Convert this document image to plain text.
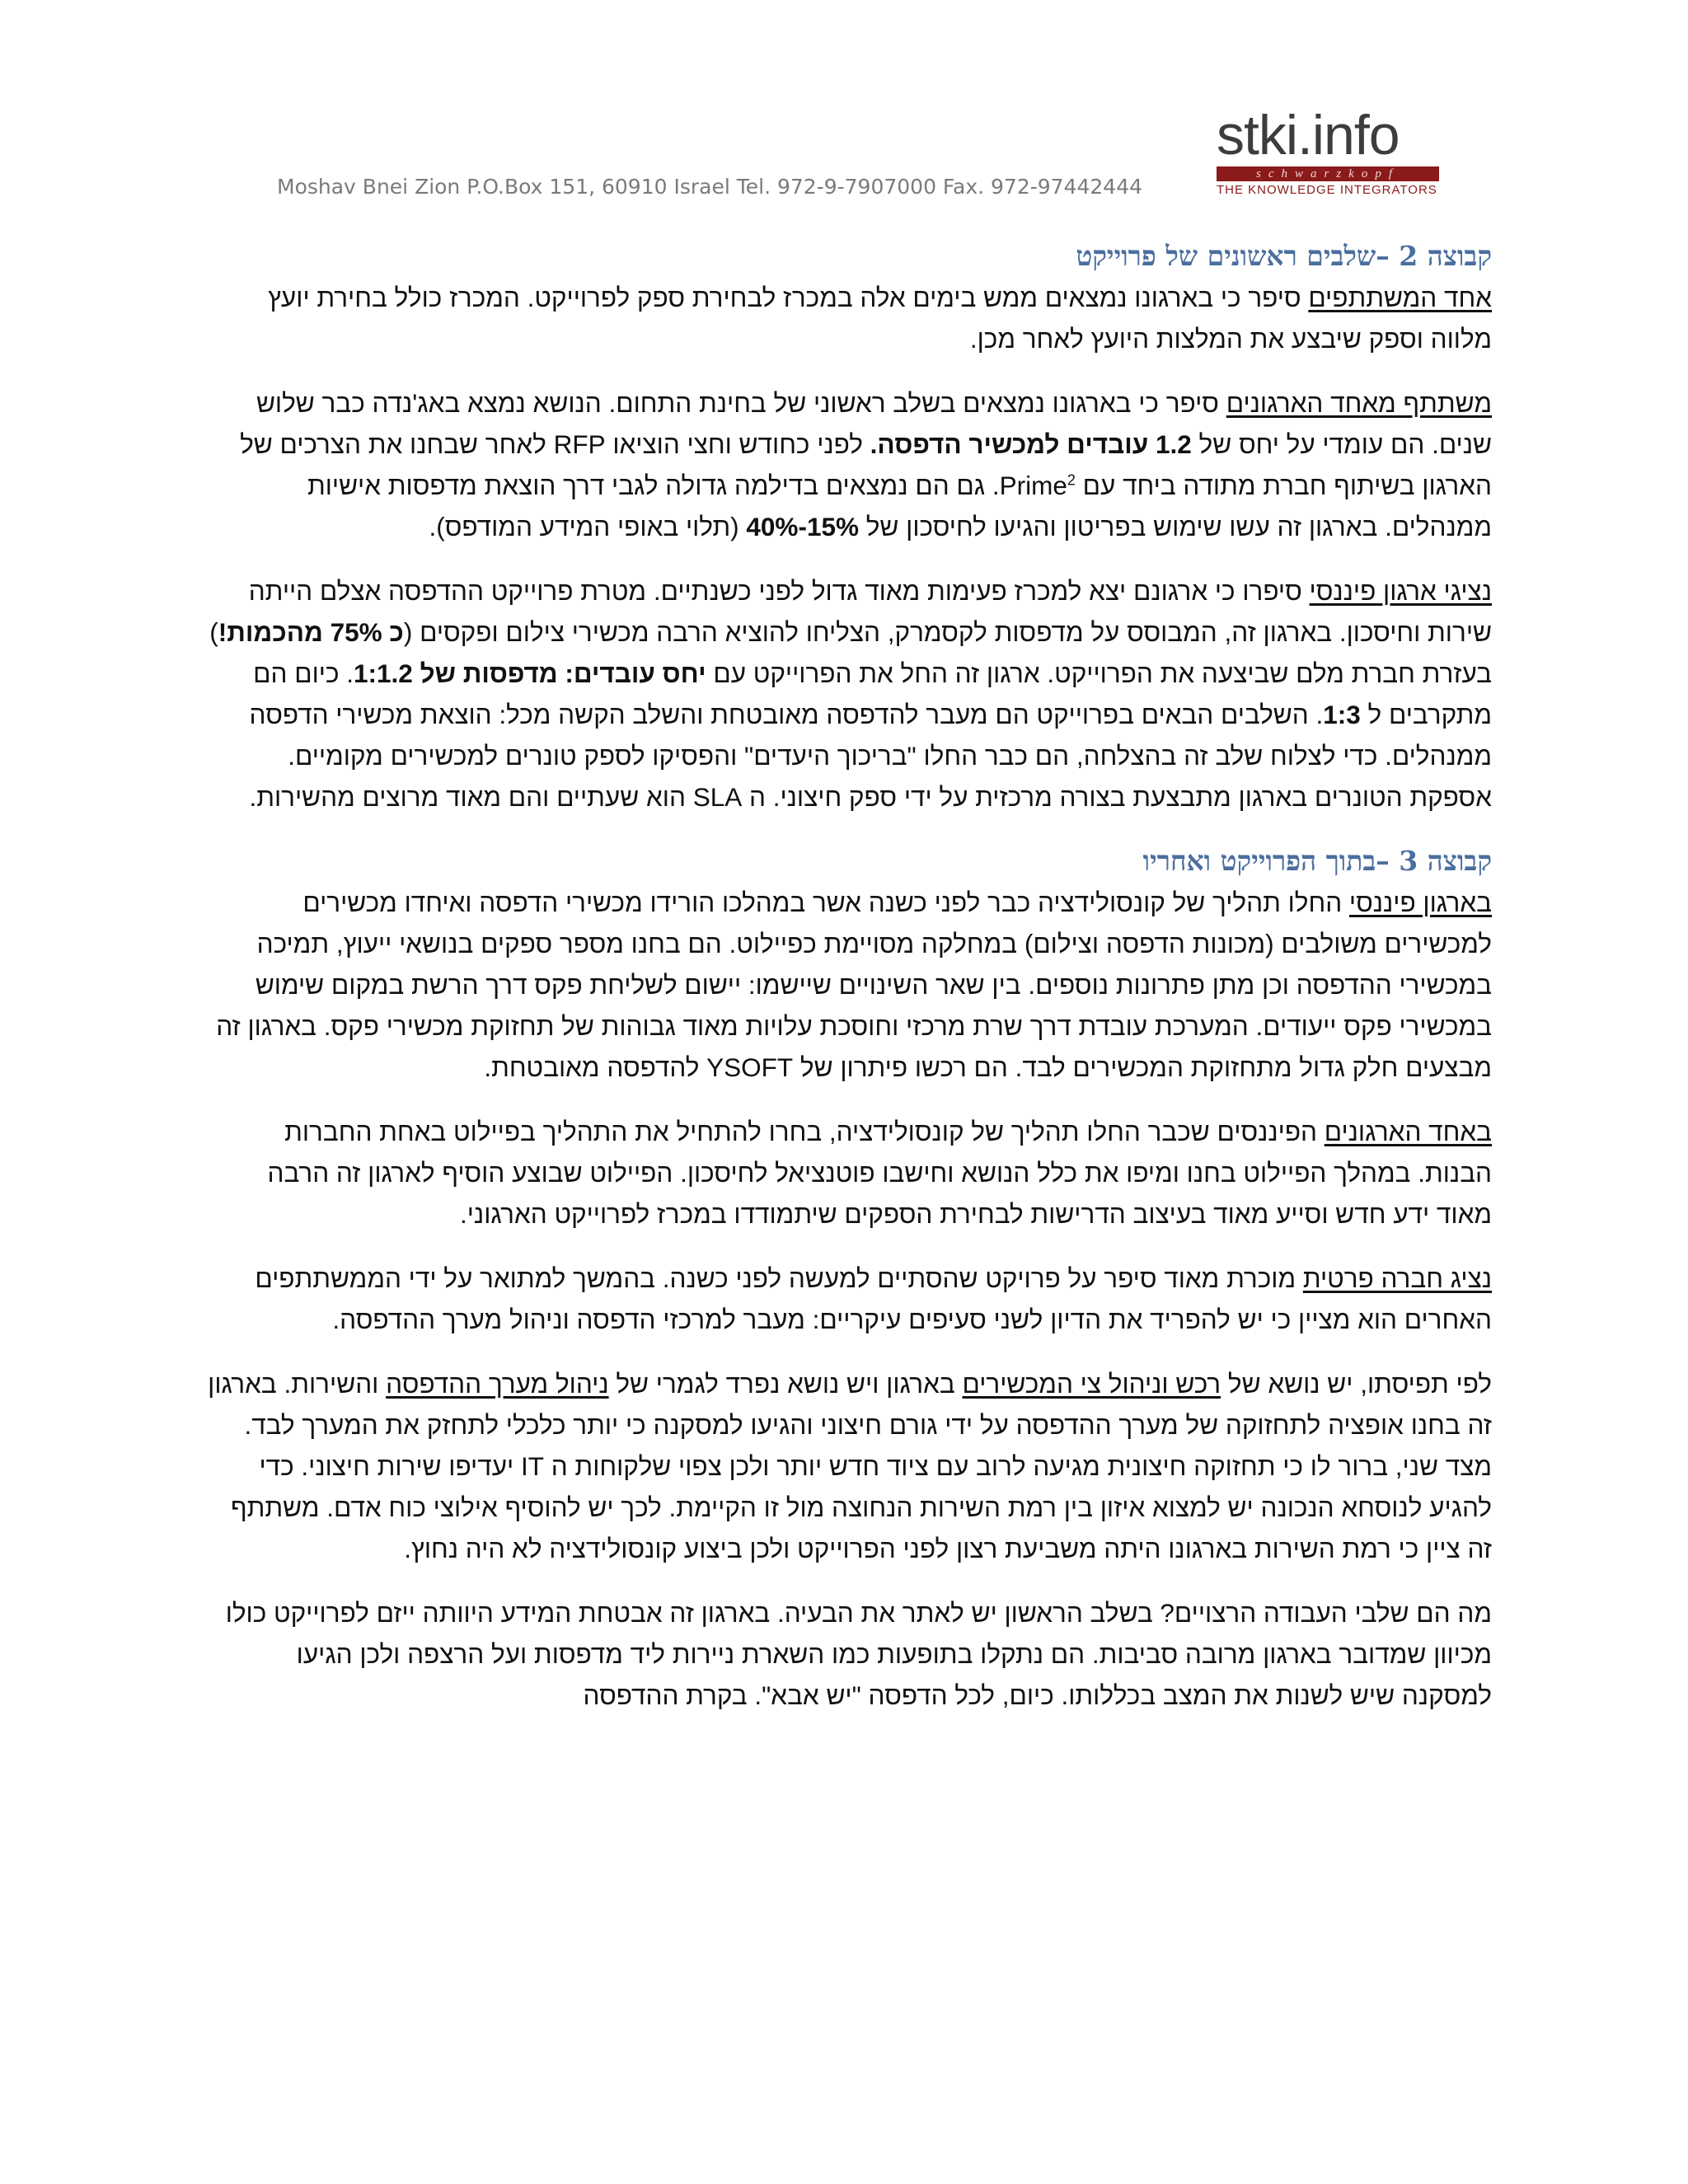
stki.info
schwarzkopf
THE KNOWLEDGE INTEGRATORS
Moshav Bnei Zion P.O.Box 151, 60910 Israel Tel. 972-9-7907000 Fax. 972-97442444
קבוצה 2 –שלבים ראשונים של פרוייקט

אחד המשתתפים סיפר כי בארגונו נמצאים ממש בימים אלה במכרז לבחירת ספק לפרוייקט. המכרז כולל בחירת יועץ מלווה וספק שיבצע את המלצות היועץ לאחר מכן.

משתתף מאחד הארגונים סיפר כי בארגונו נמצאים בשלב ראשוני של בחינת התחום. הנושא נמצא באג'נדה כבר שלוש שנים. הם עומדי על יחס של 1.2 עובדים למכשיר הדפסה. לפני כחודש וחצי הוציאו RFP לאחר שבחנו את הצרכים של הארגון בשיתוף חברת מתודה ביחד עם Prime$^2$. גם הם נמצאים בדילמה גדולה לגבי דרך הוצאת מדפסות אישיות ממנהלים. בארגון זה עשו שימוש בפריטון והגיעו לחיסכון של 15%-40% (תלוי באופי המידע המודפס).

נציגי ארגון פיננסי סיפרו כי ארגונם יצא למכרז פעימות מאוד גדול לפני כשנתיים. מטרת פרוייקט ההדפסה אצלם הייתה שירות וחיסכון. בארגון זה, המבוסס על מדפסות לקסמרק, הצליחו להוציא הרבה מכשירי צילום ופקסים (כ 75% מהכמות!) בעזרת חברת מלם שביצעה את הפרוייקט. ארגון זה החל את הפרוייקט עם יחס עובדים: מדפסות של 1:1.2. כיום הם מתקרבים ל 1:3. השלבים הבאים בפרוייקט הם מעבר להדפסה מאובטחת והשלב הקשה מכל: הוצאת מכשירי הדפסה ממנהלים. כדי לצלוח שלב זה בהצלחה, הם כבר החלו "בריכוך היעדים" והפסיקו לספק טונרים למכשירים מקומיים. אספקת הטונרים בארגון מתבצעת בצורה מרכזית על ידי ספק חיצוני. ה SLA הוא שעתיים והם מאוד מרוצים מהשירות.

קבוצה 3 –בתוך הפרוייקט ואחריו

בארגון פיננסי החלו תהליך של קונסולידציה כבר לפני כשנה אשר במהלכו הורידו מכשירי הדפסה ואיחדו מכשירים למכשירים משולבים (מכונות הדפסה וצילום) במחלקה מסויימת כפיילוט. הם בחנו מספר ספקים בנושאי ייעוץ, תמיכה במכשירי ההדפסה וכן מתן פתרונות נוספים. בין שאר השינויים שיישמו: יישום לשליחת פקס דרך הרשת במקום שימוש במכשירי פקס ייעודים. המערכת עובדת דרך שרת מרכזי וחוסכת עלויות מאוד גבוהות של תחזוקת מכשירי פקס. בארגון זה מבצעים חלק גדול מתחזוקת המכשירים לבד. הם רכשו פיתרון של YSOFT להדפסה מאובטחת.

באחד הארגונים הפיננסים שכבר החלו תהליך של קונסולידציה, בחרו להתחיל את התהליך בפיילוט באחת החברות הבנות. במהלך הפיילוט בחנו ומיפו את כלל הנושא וחישבו פוטנציאל לחיסכון. הפיילוט שבוצע הוסיף לארגון זה הרבה מאוד ידע חדש וסייע מאוד בעיצוב הדרישות לבחירת הספקים שיתמודדו במכרז לפרוייקט הארגוני.

נציג חברה פרטית מוכרת מאוד סיפר על פרויקט שהסתיים למעשה לפני כשנה. בהמשך למתואר על ידי הממשתתפים האחרים הוא מציין כי יש להפריד את הדיון לשני סעיפים עיקריים: מעבר למרכזי הדפסה וניהול מערך ההדפסה.

לפי תפיסתו, יש נושא של רכש וניהול צי המכשירים בארגון ויש נושא נפרד לגמרי של ניהול מערך ההדפסה והשירות. בארגון זה בחנו אופציה לתחזוקה של מערך ההדפסה על ידי גורם חיצוני והגיעו למסקנה כי יותר כלכלי לתחזק את המערך לבד. מצד שני, ברור לו כי תחזוקה חיצונית מגיעה לרוב עם ציוד חדש יותר ולכן צפוי שלקוחות ה IT יעדיפו שירות חיצוני. כדי להגיע לנוסחא הנכונה יש למצוא איזון בין רמת השירות הנחוצה מול זו הקיימת. לכך יש להוסיף אילוצי כוח אדם. משתתף זה ציין כי רמת השירות בארגונו היתה משביעת רצון לפני הפרוייקט ולכן ביצוע קונסולידציה לא היה נחוץ.

מה הם שלבי העבודה הרצויים? בשלב הראשון יש לאתר את הבעיה. בארגון זה אבטחת המידע היוותה ייזם לפרוייקט כולו מכיוון שמדובר בארגון מרובה סביבות. הם נתקלו בתופעות כמו השארת ניירות ליד מדפסות ועל הרצפה ולכן הגיעו למסקנה שיש לשנות את המצב בכללותו. כיום, לכל הדפסה "יש אבא". בקרת ההדפסה
